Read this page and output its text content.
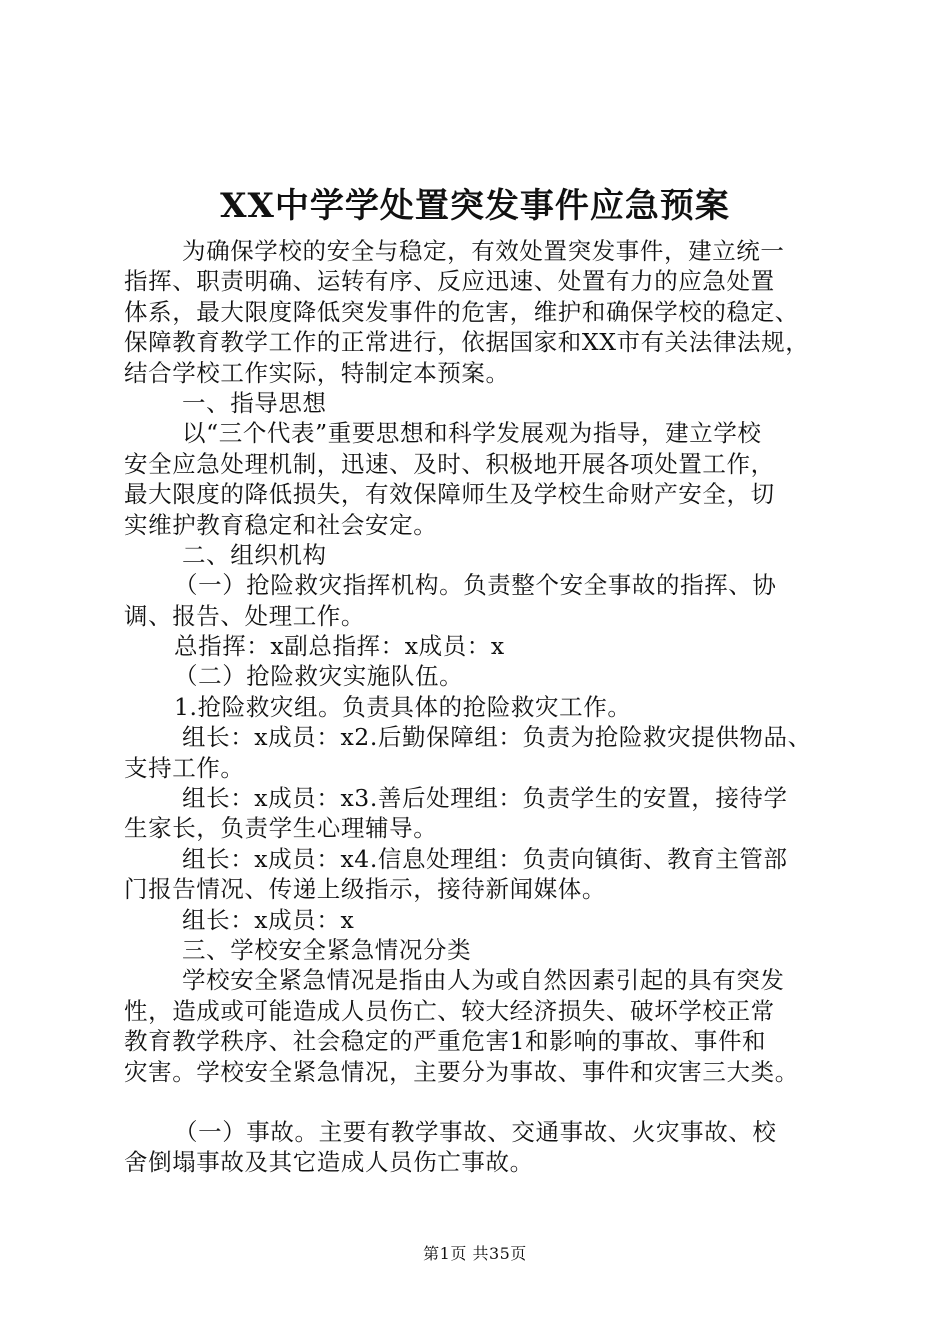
XX中学学处置突发事件应急预案
为确保学校的安全与稳定，有效处置突发事件，建立统一
指挥、职责明确、运转有序、反应迅速、处置有力的应急处置
体系，最大限度降低突发事件的危害，维护和确保学校的稳定、
保障教育教学工作的正常进行，依据国家和XX市有关法律法规，
结合学校工作实际，特制定本预案。
一、指导思想
以“三个代表”重要思想和科学发展观为指导，建立学校
安全应急处理机制，迅速、及时、积极地开展各项处置工作，
最大限度的降低损失，有效保障师生及学校生命财产安全，切
实维护教育稳定和社会安定。
二、组织机构
（一）抢险救灾指挥机构。负责整个安全事故的指挥、协
调、报告、处理工作。
总指挥：x副总指挥：x成员：x
（二）抢险救灾实施队伍。
1.抢险救灾组。负责具体的抢险救灾工作。
组长：x成员：x2.后勤保障组：负责为抢险救灾提供物品、
支持工作。
组长：x成员：x3.善后处理组：负责学生的安置，接待学
生家长，负责学生心理辅导。
组长：x成员：x4.信息处理组：负责向镇街、教育主管部
门报告情况、传递上级指示，接待新闻媒体。
组长：x成员：x
三、学校安全紧急情况分类
学校安全紧急情况是指由人为或自然因素引起的具有突发
性，造成或可能造成人员伤亡、较大经济损失、破坏学校正常
教育教学秩序、社会稳定的严重危害1和影响的事故、事件和
灾害。学校安全紧急情况，主要分为事故、事件和灾害三大类。
（一）事故。主要有教学事故、交通事故、火灾事故、校
舍倒塌事故及其它造成人员伤亡事故。
第1页 共35页
